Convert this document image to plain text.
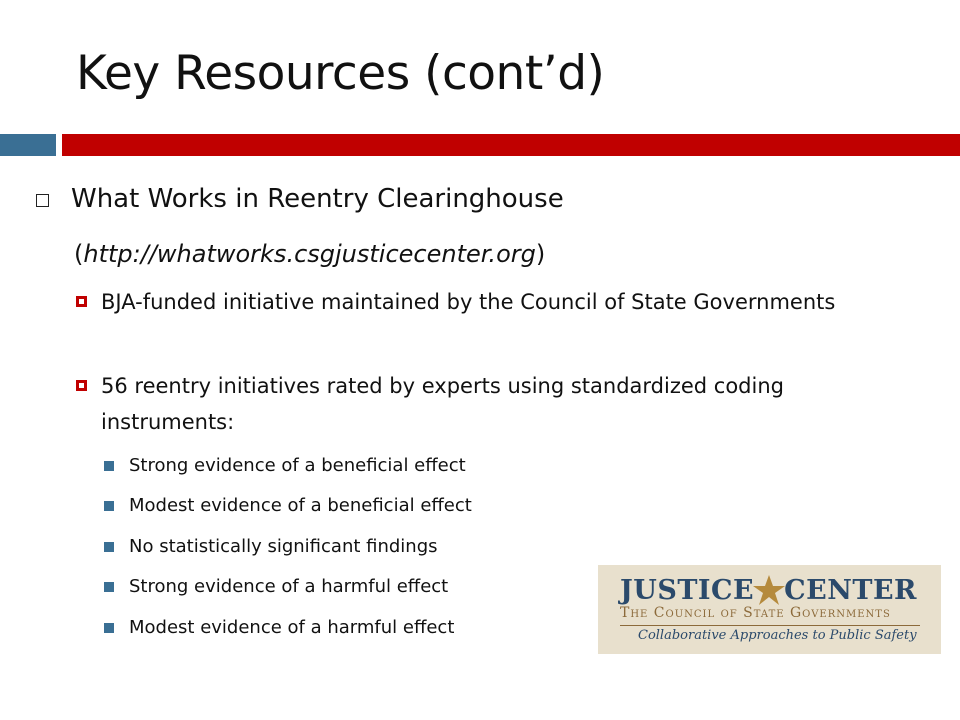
Key Resources (cont’d)
What Works in Reentry Clearinghouse
(http://whatworks.csgjusticecenter.org)
BJA-funded initiative maintained by the Council of State Governments
56 reentry initiatives rated by experts using standardized coding instruments:
Strong evidence of a beneficial effect
Modest evidence of a beneficial effect
No statistically significant findings
Strong evidence of a harmful effect
Modest evidence of a harmful effect
JUSTICE CENTER
The Council of State Governments
Collaborative Approaches to Public Safety
